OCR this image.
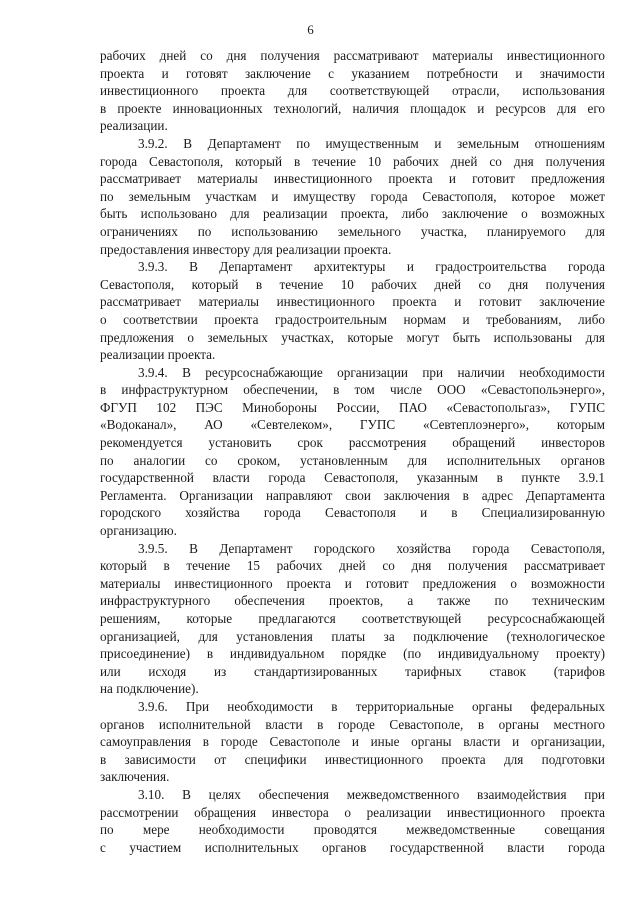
6
рабочих дней со дня получения рассматривают материалы инвестиционного
проекта и готовят заключение с указанием потребности и значимости
инвестиционного проекта для соответствующей отрасли, использования
в проекте инновационных технологий, наличия площадок и ресурсов для его
реализации.
3.9.2. В Департамент по имущественным и земельным отношениям
города Севастополя, который в течение 10 рабочих дней со дня получения
рассматривает материалы инвестиционного проекта и готовит предложения
по земельным участкам и имуществу города Севастополя, которое может
быть использовано для реализации проекта, либо заключение о возможных
ограничениях по использованию земельного участка, планируемого для
предоставления инвестору для реализации проекта.
3.9.3. В Департамент архитектуры и градостроительства города
Севастополя, который в течение 10 рабочих дней со дня получения
рассматривает материалы инвестиционного проекта и готовит заключение
о соответствии проекта градостроительным нормам и требованиям, либо
предложения о земельных участках, которые могут быть использованы для
реализации проекта.
3.9.4. В ресурсоснабжающие организации при наличии необходимости
в инфраструктурном обеспечении, в том числе ООО «Севастопольэнерго»,
ФГУП 102 ПЭС Минобороны России, ПАО «Севастопольгаз», ГУПС
«Водоканал», АО «Севтелеком», ГУПС «Севтеплоэнерго», которым
рекомендуется установить срок рассмотрения обращений инвесторов
по аналогии со сроком, установленным для исполнительных органов
государственной власти города Севастополя, указанным в пункте 3.9.1
Регламента. Организации направляют свои заключения в адрес Департамента
городского хозяйства города Севастополя и в Специализированную
организацию.
3.9.5. В Департамент городского хозяйства города Севастополя,
который в течение 15 рабочих дней со дня получения рассматривает
материалы инвестиционного проекта и готовит предложения о возможности
инфраструктурного обеспечения проектов, а также по техническим
решениям, которые предлагаются соответствующей ресурсоснабжающей
организацией, для установления платы за подключение (технологическое
присоединение) в индивидуальном порядке (по индивидуальному проекту)
или исходя из стандартизированных тарифных ставок (тарифов
на подключение).
3.9.6. При необходимости в территориальные органы федеральных
органов исполнительной власти в городе Севастополе, в органы местного
самоуправления в городе Севастополе и иные органы власти и организации,
в зависимости от специфики инвестиционного проекта для подготовки
заключения.
3.10. В целях обеспечения межведомственного взаимодействия при
рассмотрении обращения инвестора о реализации инвестиционного проекта
по мере необходимости проводятся межведомственные совещания
с участием исполнительных органов государственной власти города
